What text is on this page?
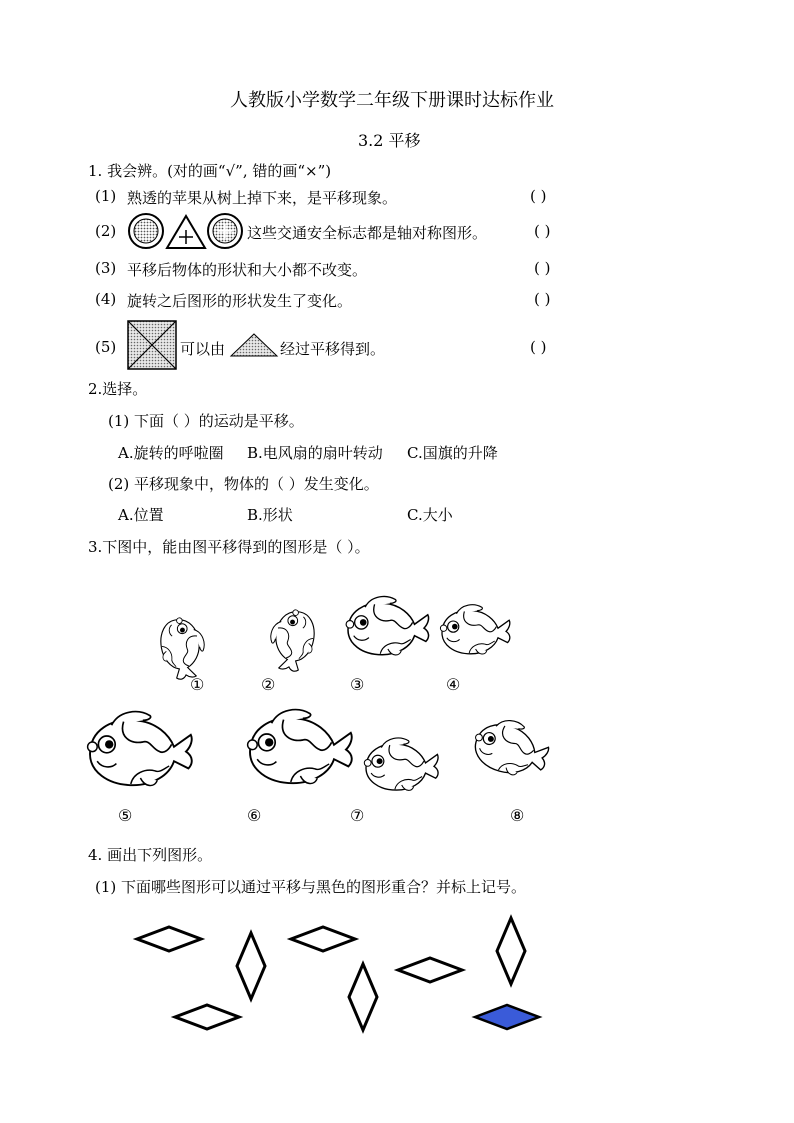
人教版小学数学二年级下册课时达标作业
3.2 平移
1. 我会辨。(对的画“√”, 错的画“×”)
(1) 熟透的苹果从树上掉下来，是平移现象。	( )
(2)	这些交通安全标志都是轴对称图形。	( )
(3) 平移后物体的形状和大小都不改变。	( )
(4) 旋转之后图形的形状发生了变化。	( )
(5)	可以由	经过平移得到。	( )
2.选择。
(1) 下面（ ）的运动是平移。
A.旋转的呼啦圈 B.电风扇的扇叶转动 C.国旗的升降
(2) 平移现象中，物体的（ ）发生变化。
A.位置	B.形状	C.大小
3.下图中，能由图平移得到的图形是（ ）。
①	②	③	④
⑤	⑥	⑦	⑧
4. 画出下列图形。
(1) 下面哪些图形可以通过平移与黑色的图形重合？并标上记号。
